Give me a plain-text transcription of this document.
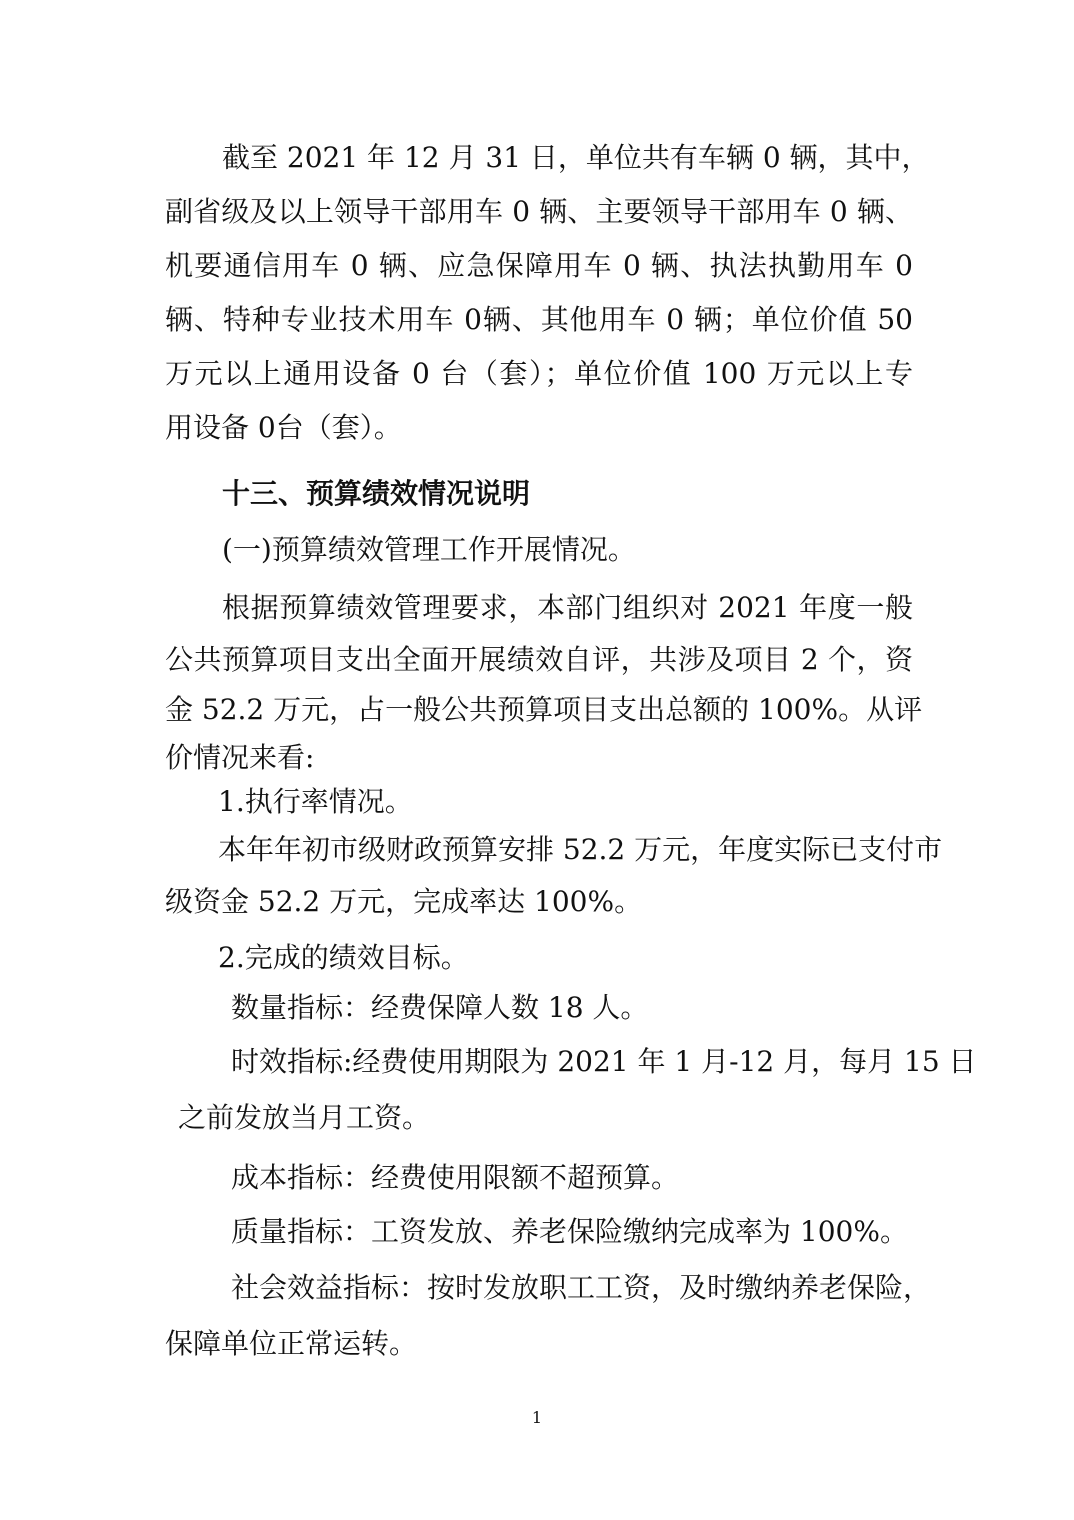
截至 2021 年 12 月 31 日，单位共有车辆 0 辆，其中，
副省级及以上领导干部用车 0 辆、主要领导干部用车 0 辆、
机要通信用车 0 辆、应急保障用车 0 辆、执法执勤用车 0
辆、特种专业技术用车 0辆、其他用车 0 辆；单位价值 50
万元以上通用设备 0 台（套）；单位价值 100 万元以上专
用设备 0台（套）。
十三、预算绩效情况说明
(一)预算绩效管理工作开展情况。
根据预算绩效管理要求，本部门组织对 2021 年度一般
公共预算项目支出全面开展绩效自评，共涉及项目 2 个，资
金 52.2 万元，占一般公共预算项目支出总额的 100%。从评
价情况来看:
1.执行率情况。
本年年初市级财政预算安排 52.2 万元，年度实际已支付市
级资金 52.2 万元，完成率达 100%。
2.完成的绩效目标。
数量指标：经费保障人数 18 人。
时效指标:经费使用期限为 2021 年 1 月-12 月，每月 15 日
之前发放当月工资。
成本指标：经费使用限额不超预算。
质量指标：工资发放、养老保险缴纳完成率为 100%。
社会效益指标：按时发放职工工资，及时缴纳养老保险，
保障单位正常运转。
1
